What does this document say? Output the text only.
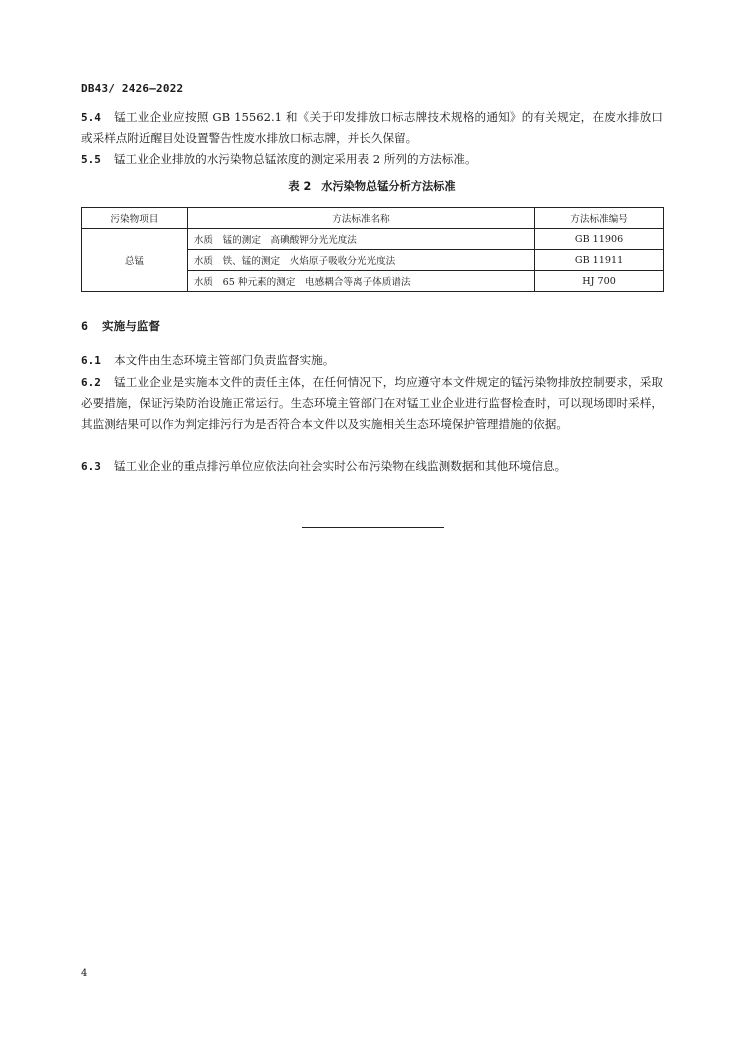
DB43/ 2426—2022
5.4 锰工业企业应按照 GB 15562.1 和《关于印发排放口标志牌技术规格的通知》的有关规定，在废水排放口或采样点附近醒目处设置警告性废水排放口标志牌，并长久保留。
5.5 锰工业企业排放的水污染物总锰浓度的测定采用表 2 所列的方法标准。
表 2 水污染物总锰分析方法标准
污染物项目	方法标准名称	方法标准编号
总锰	水质　锰的测定　高碘酸钾分光光度法	GB 11906
	水质　铁、锰的测定　火焰原子吸收分光光度法	GB 11911
	水质　65 种元素的测定　电感耦合等离子体质谱法	HJ 700
6 实施与监督
6.1 本文件由生态环境主管部门负责监督实施。
6.2 锰工业企业是实施本文件的责任主体，在任何情况下，均应遵守本文件规定的锰污染物排放控制要求，采取必要措施，保证污染防治设施正常运行。生态环境主管部门在对锰工业企业进行监督检查时，可以现场即时采样，其监测结果可以作为判定排污行为是否符合本文件以及实施相关生态环境保护管理措施的依据。
6.3 锰工业企业的重点排污单位应依法向社会实时公布污染物在线监测数据和其他环境信息。
4
